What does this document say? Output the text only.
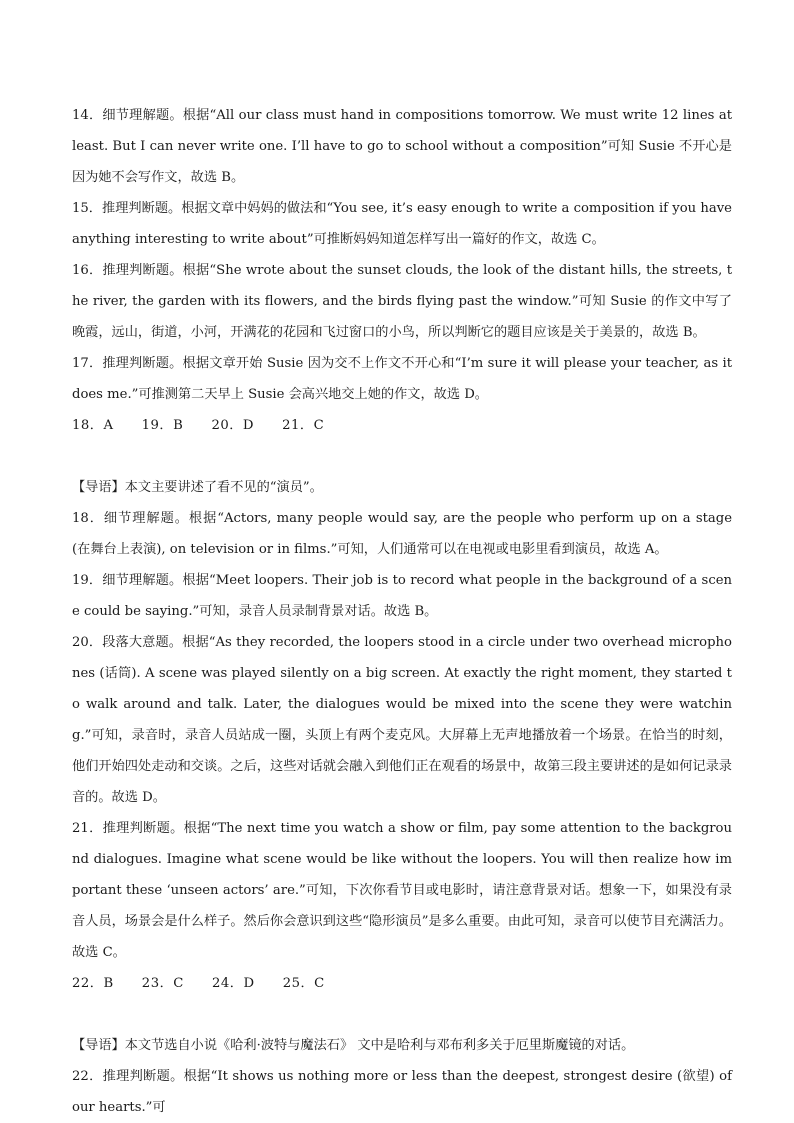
14．细节理解题。根据“All our class must hand in compositions tomorrow. We must write 12 lines at least. But I can never write one. I’ll have to go to school without a composition”可知 Susie 不开心是因为她不会写作文，故选 B。

15．推理判断题。根据文章中妈妈的做法和“You see, it’s easy enough to write a composition if you have anything interesting to write about”可推断妈妈知道怎样写出一篇好的作文，故选 C。

16．推理判断题。根据“She wrote about the sunset clouds, the look of the distant hills, the streets, the river, the garden with its flowers, and the birds flying past the window.”可知 Susie 的作文中写了晚霞，远山，街道，小河，开满花的花园和飞过窗口的小鸟，所以判断它的题目应该是关于美景的，故选 B。

17．推理判断题。根据文章开始 Susie 因为交不上作文不开心和“I’m sure it will please your teacher, as it does me.”可推测第二天早上 Susie 会高兴地交上她的作文，故选 D。

18．A      19．B      20．D      21．C

【导语】本文主要讲述了看不见的“演员”。

18．细节理解题。根据“Actors, many people would say, are the people who perform up on a stage (在舞台上表演), on television or in films.”可知，人们通常可以在电视或电影里看到演员，故选 A。

19．细节理解题。根据“Meet loopers. Their job is to record what people in the background of a scene could be saying.”可知，录音人员录制背景对话。故选 B。

20．段落大意题。根据“As they recorded, the loopers stood in a circle under two overhead microphones (话筒). A scene was played silently on a big screen. At exactly the right moment, they started to walk around and talk. Later, the dialogues would be mixed into the scene they were watching.”可知，录音时，录音人员站成一圈，头顶上有两个麦克风。大屏幕上无声地播放着一个场景。在恰当的时刻，他们开始四处走动和交谈。之后，这些对话就会融入到他们正在观看的场景中，故第三段主要讲述的是如何记录录音的。故选 D。

21．推理判断题。根据“The next time you watch a show or film, pay some attention to the background dialogues. Imagine what scene would be like without the loopers. You will then realize how important these ‘unseen actors’ are.”可知，下次你看节目或电影时，请注意背景对话。想象一下，如果没有录音人员，场景会是什么样子。然后你会意识到这些“隐形演员”是多么重要。由此可知，录音可以使节目充满活力。故选 C。

22．B      23．C      24．D      25．C

【导语】本文节选自小说《哈利·波特与魔法石》 文中是哈利与邓布利多关于厄里斯魔镜的对话。

22．推理判断题。根据“It shows us nothing more or less than the deepest, strongest desire (欲望) of our hearts.”可
